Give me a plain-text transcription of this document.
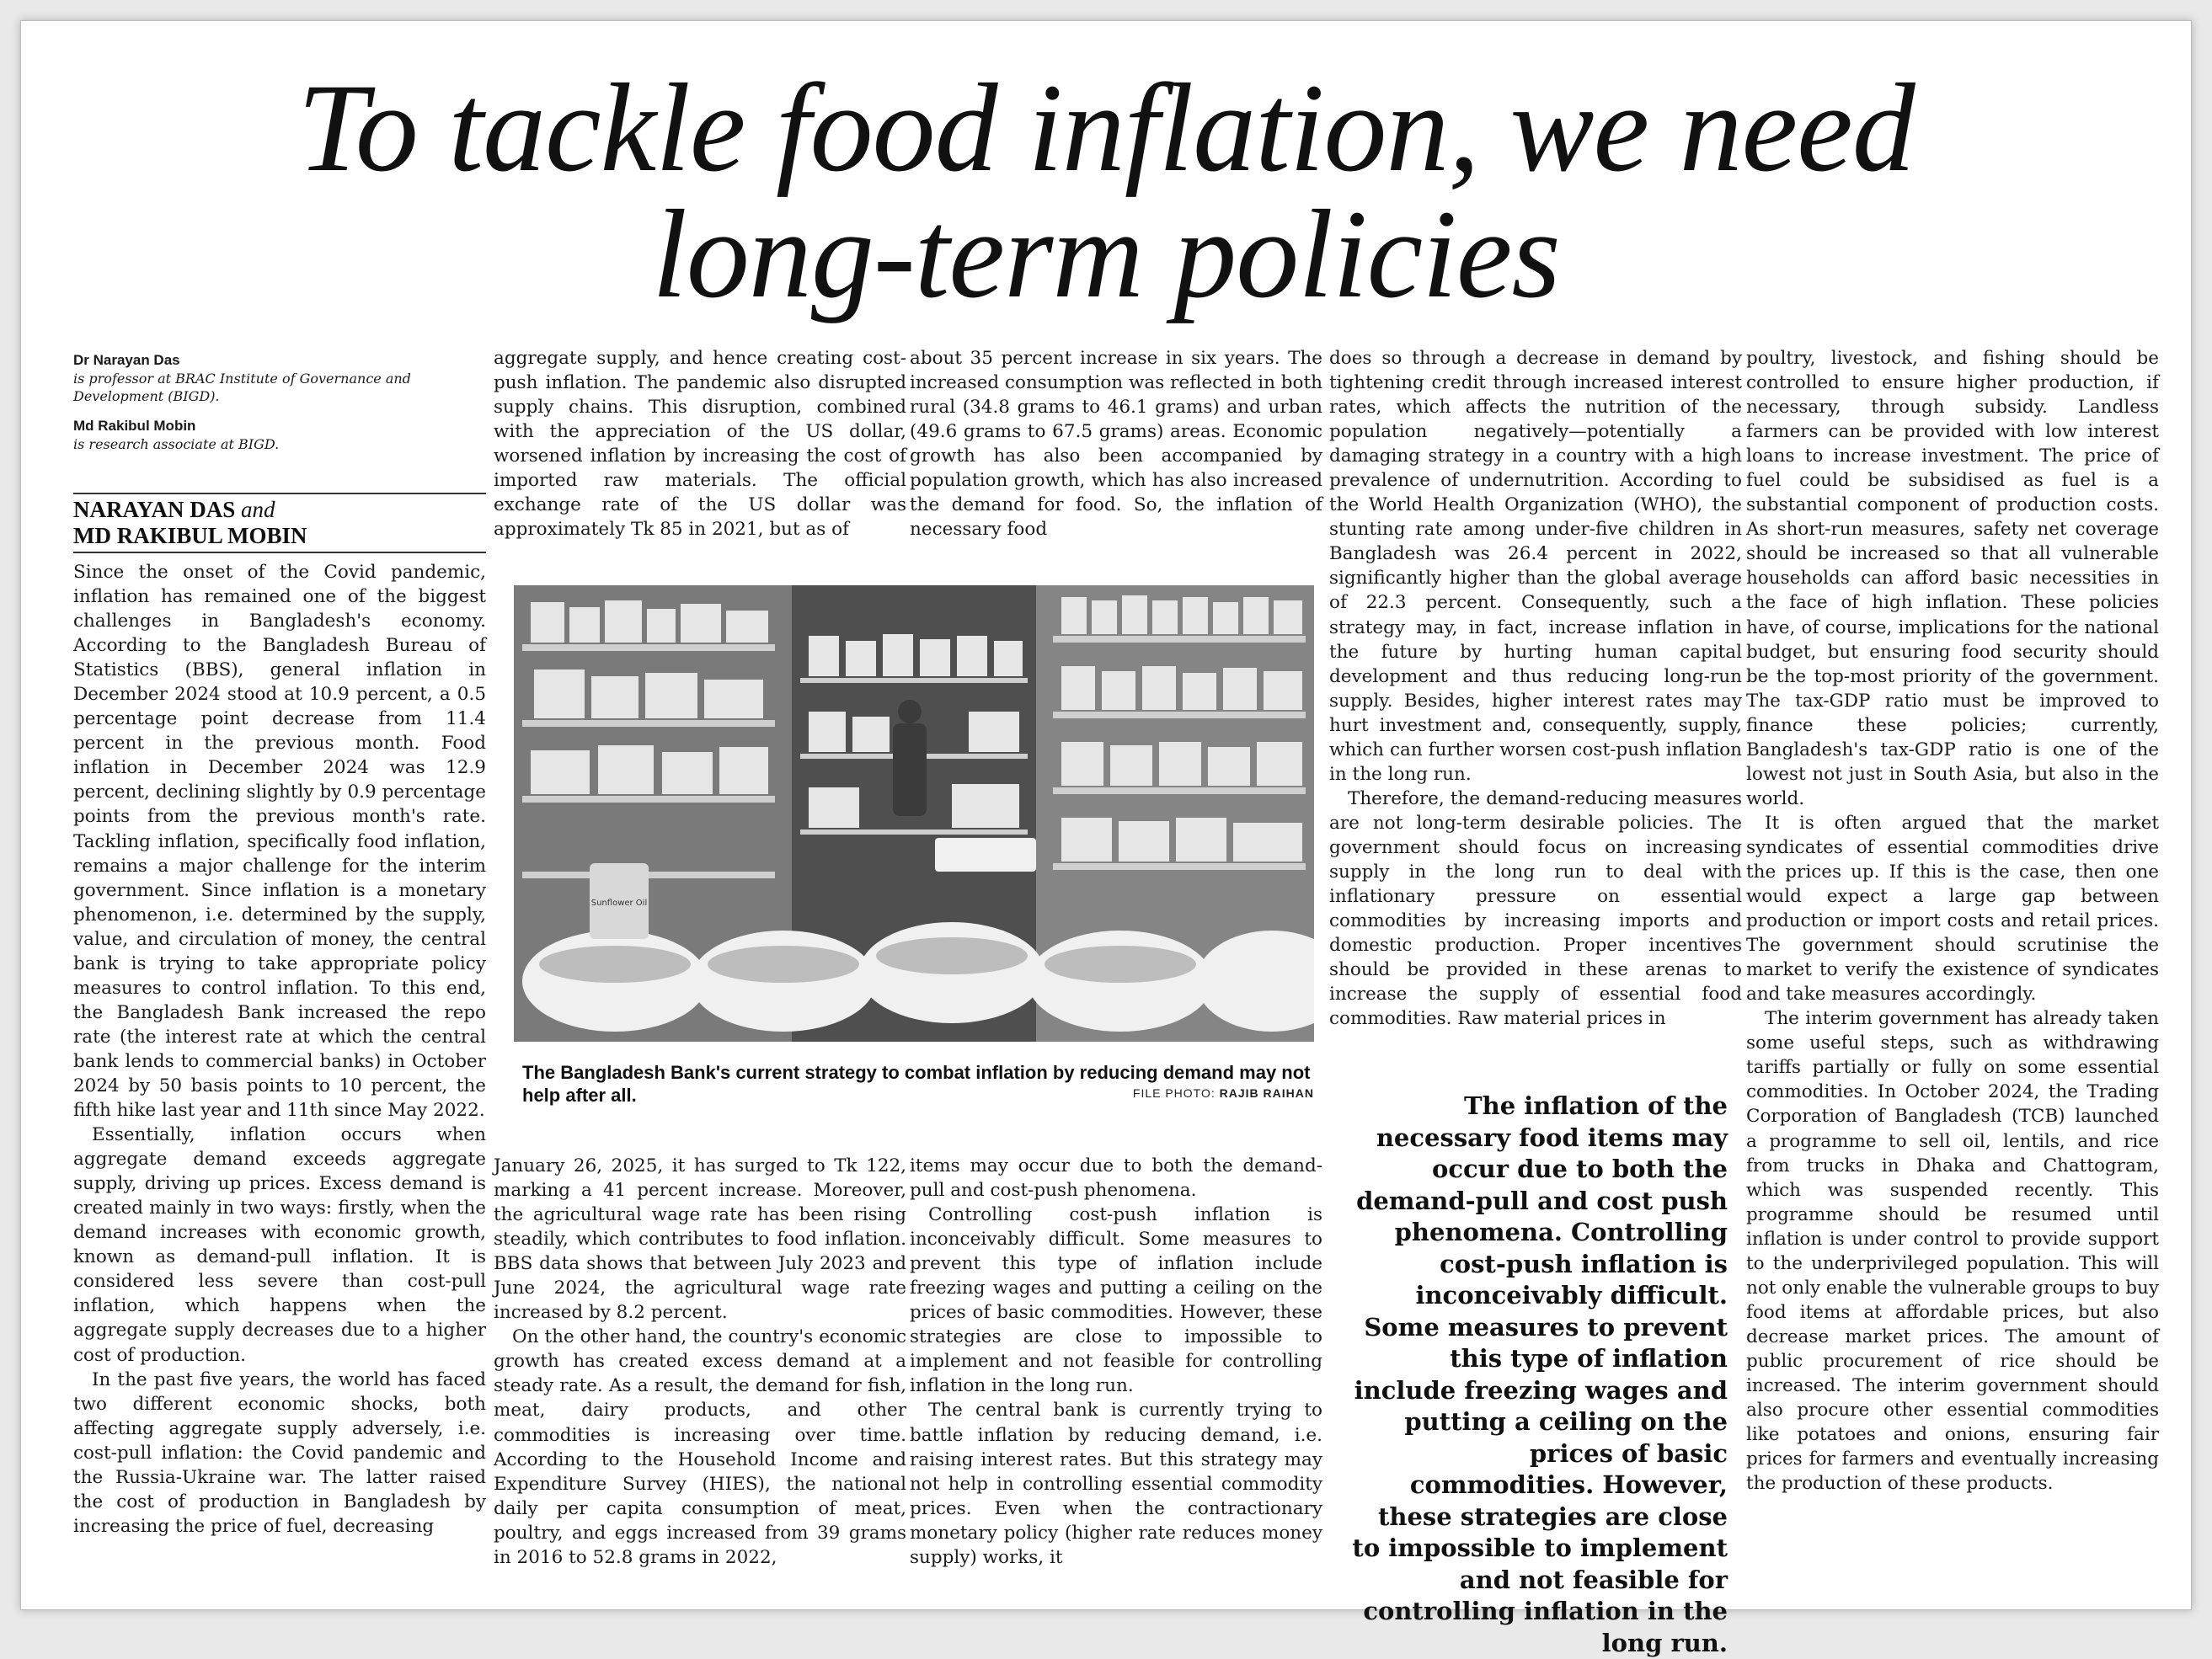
To tackle food inflation, we need
long-term policies
Dr Narayan Das
is professor at BRAC Institute of Governance and Development (BIGD).
Md Rakibul Mobin
is research associate at BIGD.
NARAYAN DAS and
MD RAKIBUL MOBIN

Since the onset of the Covid pandemic, inflation has remained one of the biggest challenges in Bangladesh's economy. According to the Bangladesh Bureau of Statistics (BBS), general inflation in December 2024 stood at 10.9 percent, a 0.5 percentage point decrease from 11.4 percent in the previous month. Food inflation in December 2024 was 12.9 percent, declining slightly by 0.9 percentage points from the previous month's rate. Tackling inflation, specifically food inflation, remains a major challenge for the interim government. Since inflation is a monetary phenomenon, i.e. determined by the supply, value, and circulation of money, the central bank is trying to take appropriate policy measures to control inflation. To this end, the Bangladesh Bank increased the repo rate (the interest rate at which the central bank lends to commercial banks) in October 2024 by 50 basis points to 10 percent, the fifth hike last year and 11th since May 2022.

Essentially, inflation occurs when aggregate demand exceeds aggregate supply, driving up prices. Excess demand is created mainly in two ways: firstly, when the demand increases with economic growth, known as demand-pull inflation. It is considered less severe than cost-pull inflation, which happens when the aggregate supply decreases due to a higher cost of production.

In the past five years, the world has faced two different economic shocks, both affecting aggregate supply adversely, i.e. cost-pull inflation: the Covid pandemic and the Russia-Ukraine war. The latter raised the cost of production in Bangladesh by increasing the price of fuel, decreasing

aggregate supply, and hence creating cost-push inflation. The pandemic also disrupted supply chains. This disruption, combined with the appreciation of the US dollar, worsened inflation by increasing the cost of imported raw materials. The official exchange rate of the US dollar was approximately Tk 85 in 2021, but as of

about 35 percent increase in six years. The increased consumption was reflected in both rural (34.8 grams to 46.1 grams) and urban (49.6 grams to 67.5 grams) areas. Economic growth has also been accompanied by population growth, which has also increased the demand for food. So, the inflation of necessary food

Sunflower Oil
The Bangladesh Bank's current strategy to combat inflation by reducing demand may not help after all.	FILE PHOTO: RAJIB RAIHAN

January 26, 2025, it has surged to Tk 122, marking a 41 percent increase. Moreover, the agricultural wage rate has been rising steadily, which contributes to food inflation. BBS data shows that between July 2023 and June 2024, the agricultural wage rate increased by 8.2 percent.

On the other hand, the country's economic growth has created excess demand at a steady rate. As a result, the demand for fish, meat, dairy products, and other commodities is increasing over time. According to the Household Income and Expenditure Survey (HIES), the national daily per capita consumption of meat, poultry, and eggs increased from 39 grams in 2016 to 52.8 grams in 2022,

items may occur due to both the demand-pull and cost-push phenomena.

Controlling cost-push inflation is inconceivably difficult. Some measures to prevent this type of inflation include freezing wages and putting a ceiling on the prices of basic commodities. However, these strategies are close to impossible to implement and not feasible for controlling inflation in the long run.

The central bank is currently trying to battle inflation by reducing demand, i.e. raising interest rates. But this strategy may not help in controlling essential commodity prices. Even when the contractionary monetary policy (higher rate reduces money supply) works, it

does so through a decrease in demand by tightening credit through increased interest rates, which affects the nutrition of the population negatively—potentially a damaging strategy in a country with a high prevalence of undernutrition. According to the World Health Organization (WHO), the stunting rate among under-five children in Bangladesh was 26.4 percent in 2022, significantly higher than the global average of 22.3 percent. Consequently, such a strategy may, in fact, increase inflation in the future by hurting human capital development and thus reducing long-run supply. Besides, higher interest rates may hurt investment and, consequently, supply, which can further worsen cost-push inflation in the long run.

Therefore, the demand-reducing measures are not long-term desirable policies. The government should focus on increasing supply in the long run to deal with inflationary pressure on essential commodities by increasing imports and domestic production. Proper incentives should be provided in these arenas to increase the supply of essential food commodities. Raw material prices in

The inflation of the necessary food items may occur due to both the demand-pull and cost push phenomena. Controlling cost-push inflation is inconceivably difficult. Some measures to prevent this type of inflation include freezing wages and putting a ceiling on the prices of basic commodities. However, these strategies are close to impossible to implement and not feasible for controlling inflation in the long run.

poultry, livestock, and fishing should be controlled to ensure higher production, if necessary, through subsidy. Landless farmers can be provided with low interest loans to increase investment. The price of fuel could be subsidised as fuel is a substantial component of production costs. As short-run measures, safety net coverage should be increased so that all vulnerable households can afford basic necessities in the face of high inflation. These policies have, of course, implications for the national budget, but ensuring food security should be the top-most priority of the government. The tax-GDP ratio must be improved to finance these policies; currently, Bangladesh's tax-GDP ratio is one of the lowest not just in South Asia, but also in the world.

It is often argued that the market syndicates of essential commodities drive the prices up. If this is the case, then one would expect a large gap between production or import costs and retail prices. The government should scrutinise the market to verify the existence of syndicates and take measures accordingly.

The interim government has already taken some useful steps, such as withdrawing tariffs partially or fully on some essential commodities. In October 2024, the Trading Corporation of Bangladesh (TCB) launched a programme to sell oil, lentils, and rice from trucks in Dhaka and Chattogram, which was suspended recently. This programme should be resumed until inflation is under control to provide support to the underprivileged population. This will not only enable the vulnerable groups to buy food items at affordable prices, but also decrease market prices. The amount of public procurement of rice should be increased. The interim government should also procure other essential commodities like potatoes and onions, ensuring fair prices for farmers and eventually increasing the production of these products.
